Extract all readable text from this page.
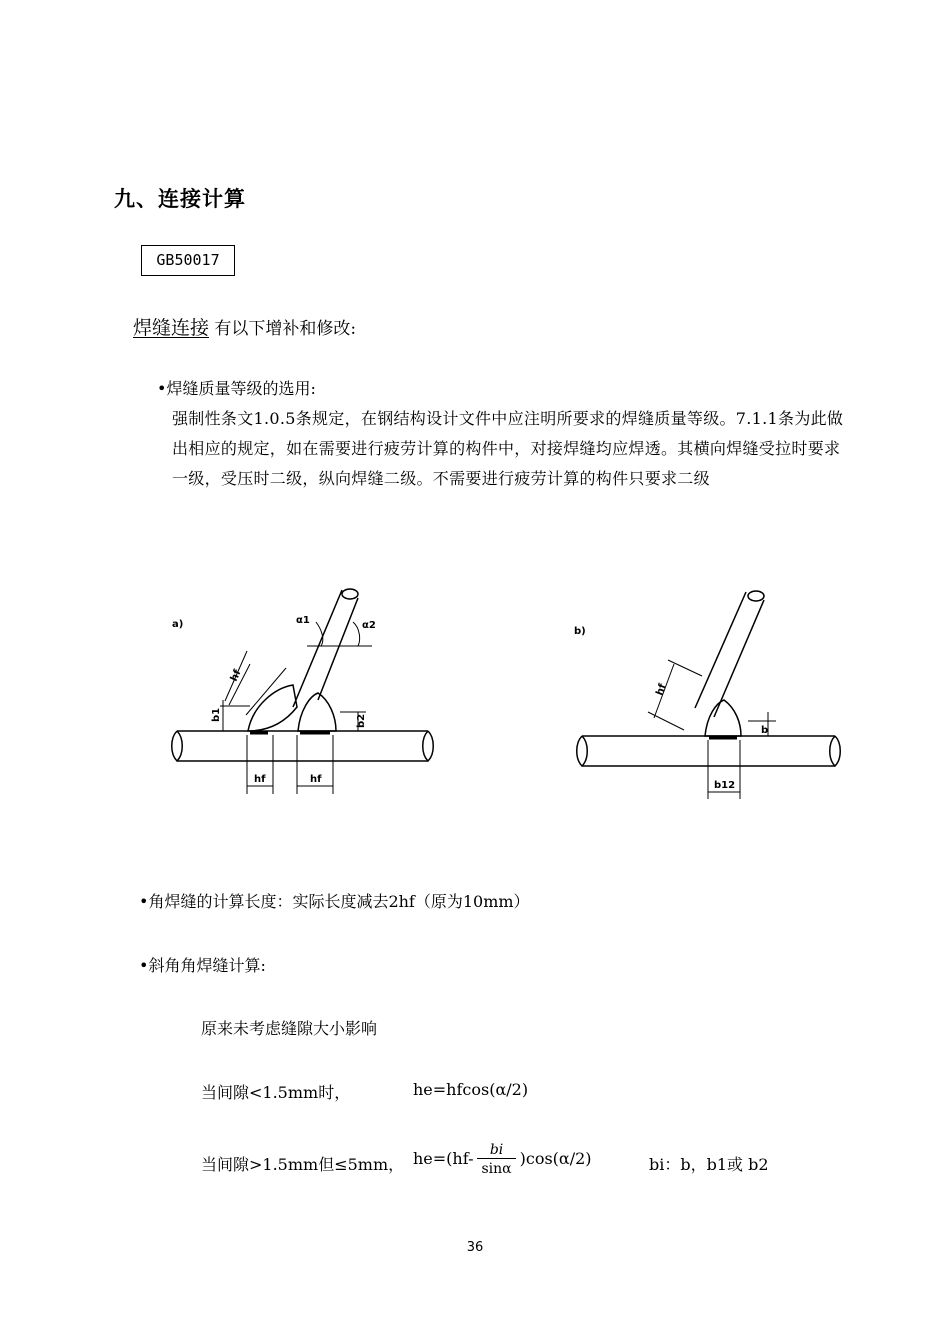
九、连接计算
GB50017
焊缝连接 有以下增补和修改:
•焊缝质量等级的选用:
强制性条文1.0.5条规定，在钢结构设计文件中应注明所要求的焊缝质量等级。7.1.1条为此做出相应的规定，如在需要进行疲劳计算的构件中，对接焊缝均应焊透。其横向焊缝受拉时要求一级，受压时二级，纵向焊缝二级。不需要进行疲劳计算的构件只要求二级
a)	α1	α2
hf
b1	b2
hf	hf
b)
hf
b
b12
•角焊缝的计算长度：实际长度减去2hf（原为10mm）
•斜角角焊缝计算:
原来未考虑缝隙大小影响
当间隙<1.5mm时，	he=hfcos(α/2)
当间隙>1.5mm但≤5mm， $he=(hf- \frac{bi}{\sin\alpha} )\cos(\alpha/2)$	bi：b，b1或 b2
36
